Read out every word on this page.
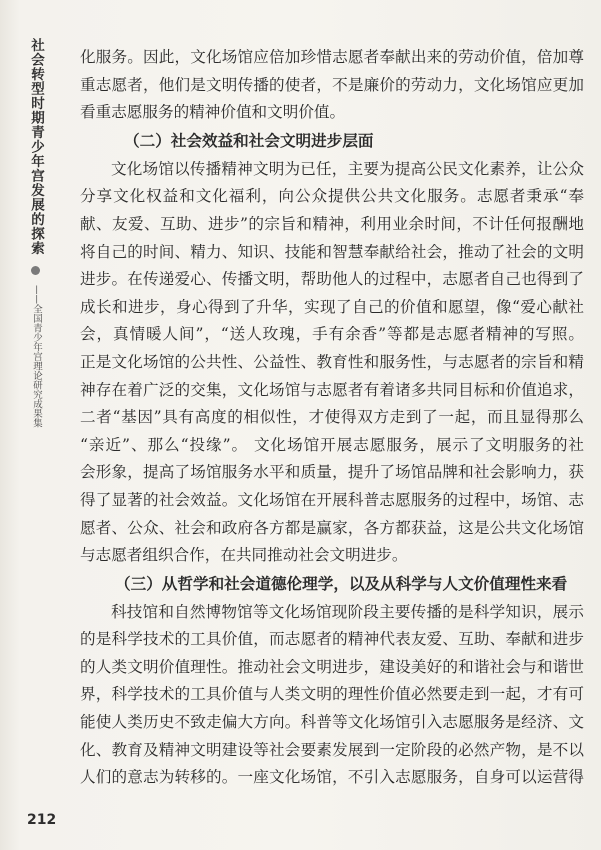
社会转型时期青少年宫发展的探索
——全国青少年宫理论研究成果集
化服务。因此，文化场馆应倍加珍惜志愿者奉献出来的劳动价值，倍加尊
重志愿者，他们是文明传播的使者，不是廉价的劳动力，文化场馆应更加
看重志愿服务的精神价值和文明价值。
（二）社会效益和社会文明进步层面
文化场馆以传播精神文明为已任，主要为提高公民文化素养，让公众
分享文化权益和文化福利，向公众提供公共文化服务。志愿者秉承“奉
献、友爱、互助、进步”的宗旨和精神，利用业余时间，不计任何报酬地
将自己的时间、精力、知识、技能和智慧奉献给社会，推动了社会的文明
进步。在传递爱心、传播文明，帮助他人的过程中，志愿者自己也得到了
成长和进步，身心得到了升华，实现了自己的价值和愿望，像“爱心献社
会，真情暖人间”，“送人玫瑰，手有余香”等都是志愿者精神的写照。
正是文化场馆的公共性、公益性、教育性和服务性，与志愿者的宗旨和精
神存在着广泛的交集，文化场馆与志愿者有着诸多共同目标和价值追求，
二者“基因”具有高度的相似性，才使得双方走到了一起，而且显得那么
“亲近”、那么“投缘”。 文化场馆开展志愿服务，展示了文明服务的社
会形象，提高了场馆服务水平和质量，提升了场馆品牌和社会影响力，获
得了显著的社会效益。文化场馆在开展科普志愿服务的过程中，场馆、志
愿者、公众、社会和政府各方都是赢家，各方都获益，这是公共文化场馆
与志愿者组织合作，在共同推动社会文明进步。
（三）从哲学和社会道德伦理学，以及从科学与人文价值理性来看
科技馆和自然博物馆等文化场馆现阶段主要传播的是科学知识，展示
的是科学技术的工具价值，而志愿者的精神代表友爱、互助、奉献和进步
的人类文明价值理性。推动社会文明进步，建设美好的和谐社会与和谐世
界，科学技术的工具价值与人类文明的理性价值必然要走到一起，才有可
能使人类历史不致走偏大方向。科普等文化场馆引入志愿服务是经济、文
化、教育及精神文明建设等社会要素发展到一定阶段的必然产物，是不以
人们的意志为转移的。一座文化场馆，不引入志愿服务，自身可以运营得
212
